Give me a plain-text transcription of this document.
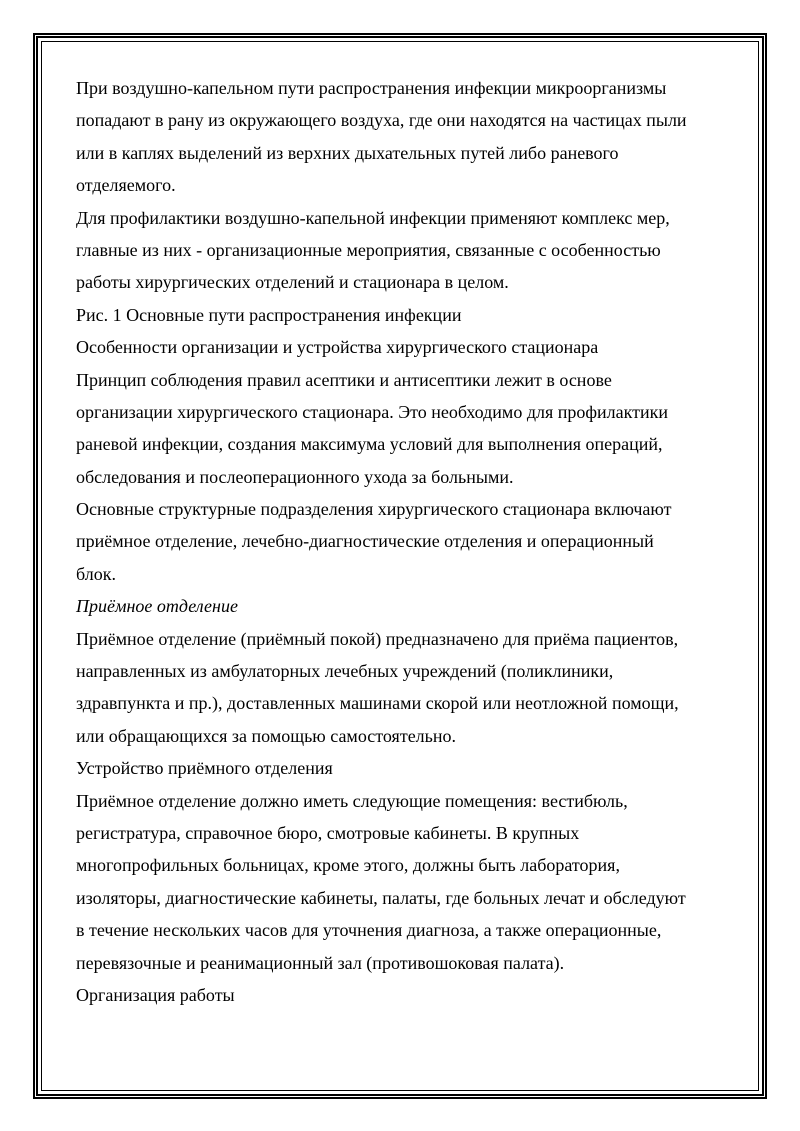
При воздушно-капельном пути распространения инфекции микроорганизмы
попадают в рану из окружающего воздуха, где они находятся на частицах пыли
или в каплях выделений из верхних дыхательных путей либо раневого
отделяемого.
Для профилактики воздушно-капельной инфекции применяют комплекс мер,
главные из них - организационные мероприятия, связанные с особенностью
работы хирургических отделений и стационара в целом.
Рис. 1 Основные пути распространения инфекции
Особенности организации и устройства хирургического стационара
Принцип соблюдения правил асептики и антисептики лежит в основе
организации хирургического стационара. Это необходимо для профилактики
раневой инфекции, создания максимума условий для выполнения операций,
обследования и послеоперационного ухода за больными.
Основные структурные подразделения хирургического стационара включают
приёмное отделение, лечебно-диагностические отделения и операционный
блок.
Приёмное отделение
Приёмное отделение (приёмный покой) предназначено для приёма пациентов,
направленных из амбулаторных лечебных учреждений (поликлиники,
здравпункта и пр.), доставленных машинами скорой или неотложной помощи,
или обращающихся за помощью самостоятельно.
Устройство приёмного отделения
Приёмное отделение должно иметь следующие помещения: вестибюль,
регистратура, справочное бюро, смотровые кабинеты. В крупных
многопрофильных больницах, кроме этого, должны быть лаборатория,
изоляторы, диагностические кабинеты, палаты, где больных лечат и обследуют
в течение нескольких часов для уточнения диагноза, а также операционные,
перевязочные и реанимационный зал (противошоковая палата).
Организация работы
